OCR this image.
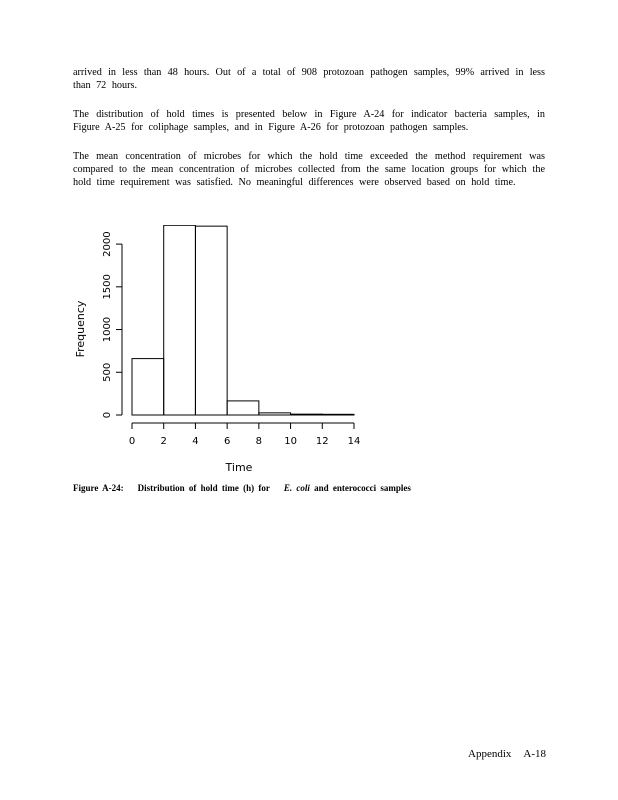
arrived in less than 48 hours. Out of a total of 908 protozoan pathogen samples, 99% arrived in less than 72 hours.

The distribution of hold times is presented below in Figure A-24 for indicator bacteria samples, in Figure A-25 for coliphage samples, and in Figure A-26 for protozoan pathogen samples.

The mean concentration of microbes for which the hold time exceeded the method requirement was compared to the mean concentration of microbes collected from the same location groups for which the hold time requirement was satisfied. No meaningful differences were observed based on hold time.

0
500
1000
1500
2000
0	2	4	6	8 10 12 14
Frequency
Time
Figure A-24: Distribution of hold time (h) for E. coli and enterococci samples
Appendix A-18
